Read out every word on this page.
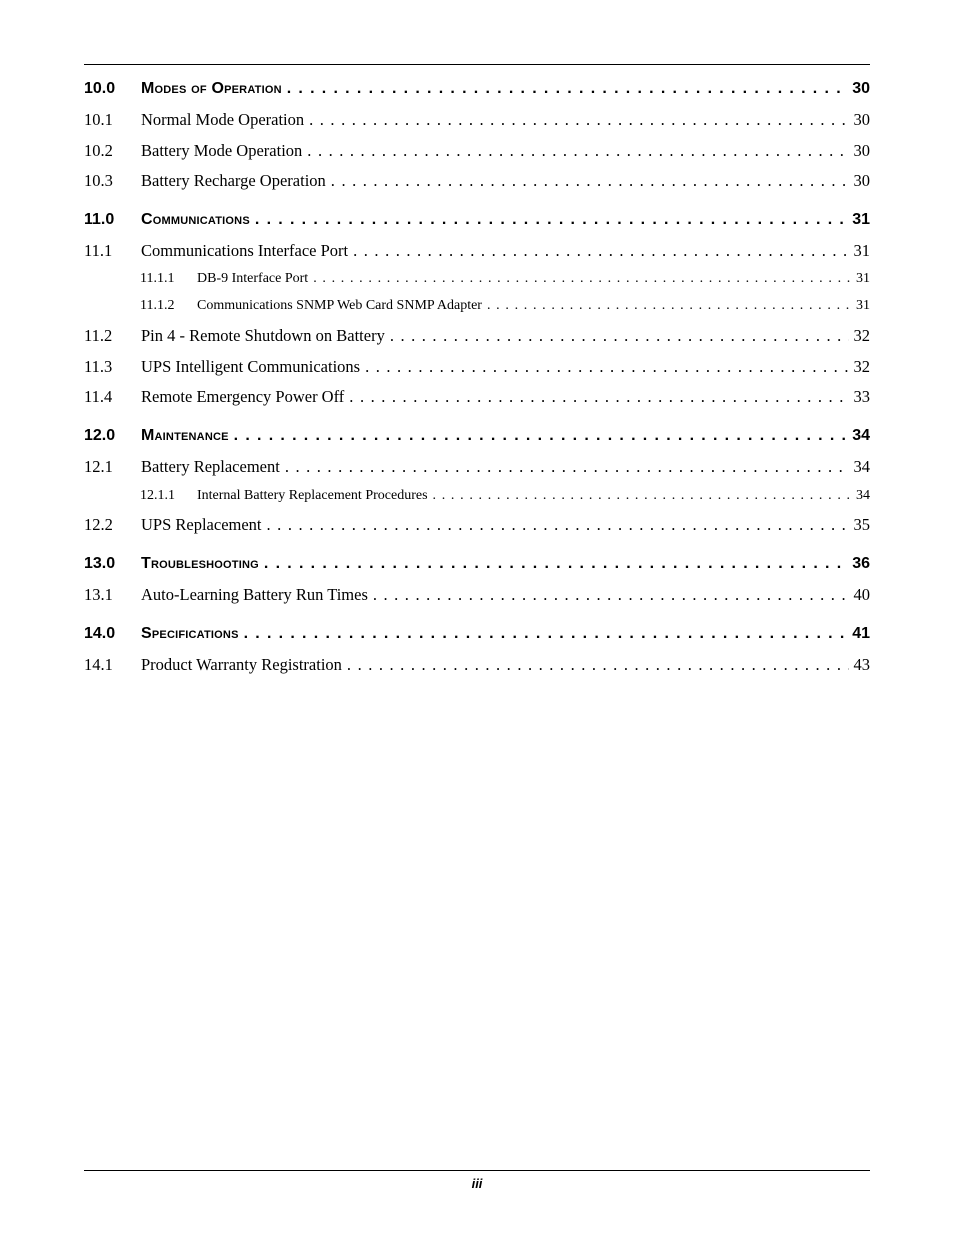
10.0	Modes of Operation . . .	30
10.1	Normal Mode Operation . . .	30
10.2	Battery Mode Operation . . .	30
10.3	Battery Recharge Operation . . .	30
11.0	Communications . . .	31
11.1	Communications Interface Port . . .	31
11.1.1	DB-9 Interface Port . . .	31
11.1.2	Communications SNMP Web Card SNMP Adapter . . .	31
11.2	Pin 4 - Remote Shutdown on Battery . . .	32
11.3	UPS Intelligent Communications . . .	32
11.4	Remote Emergency Power Off . . .	33
12.0	Maintenance . . .	34
12.1	Battery Replacement . . .	34
12.1.1	Internal Battery Replacement Procedures . . .	34
12.2	UPS Replacement . . .	35
13.0	Troubleshooting . . .	36
13.1	Auto-Learning Battery Run Times . . .	40
14.0	Specifications . . .	41
14.1	Product Warranty Registration . . .	43
iii
